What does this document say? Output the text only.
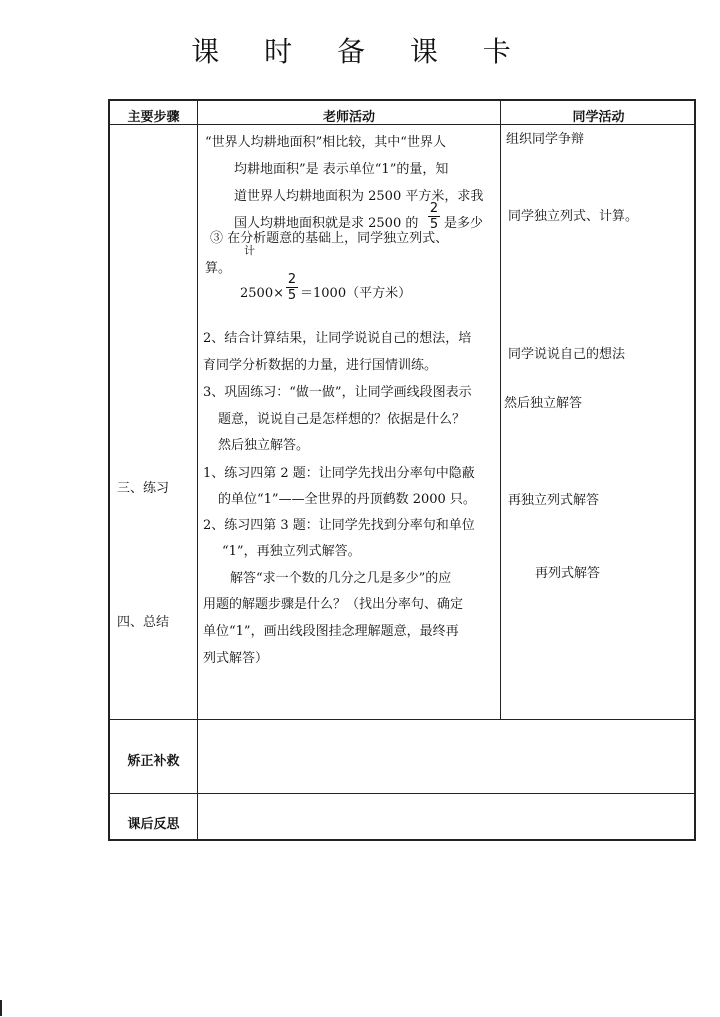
课 时 备 课 卡
主要步骤	老师活动	同学活动
三、练习
四、总结
“世界人均耕地面积”相比较，其中“世界人
均耕地面积”是 表示单位“1”的量，知
道世界人均耕地面积为 2500 平方米，求我
国人均耕地面积就是求 2500 的
2
5 是多少
③ 在分析题意的基础上，同学独立列式、
计
算。
2500×
2
5 ＝1000（平方米）
2、结合计算结果，让同学说说自己的想法，培
育同学分析数据的力量，进行国情训练。
3、巩固练习：“做一做”，让同学画线段图表示
题意，说说自己是怎样想的？依据是什么？
然后独立解答。
1、练习四第 2 题：让同学先找出分率句中隐蔽
的单位“1”——全世界的丹顶鹤数 2000 只。
2、练习四第 3 题：让同学先找到分率句和单位
“1”，再独立列式解答。
解答“求一个数的几分之几是多少”的应
用题的解题步骤是什么？（找出分率句、确定
单位“1”，画出线段图挂念理解题意，最终再
列式解答）
组织同学争辩
同学独立列式、计算。
同学说说自己的想法
然后独立解答
再独立列式解答
再列式解答
矫正补救
课后反思
